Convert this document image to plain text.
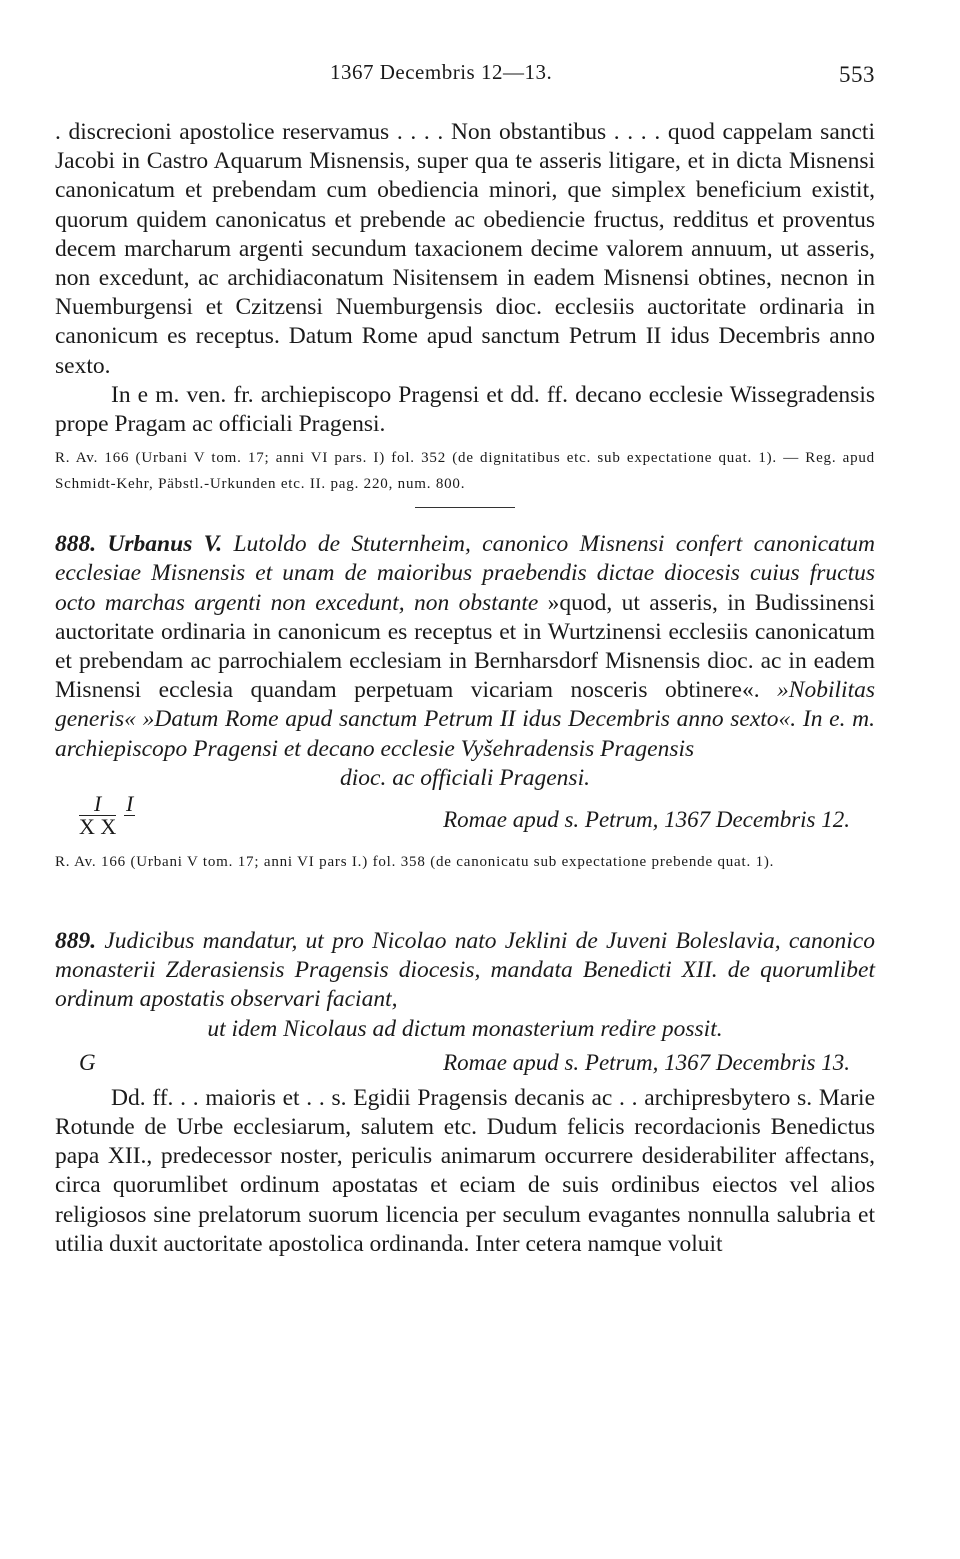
1367 Decembris 12—13.	553

. discrecioni apostolice reservamus . . . . Non obstantibus . . . . quod cappelam sancti Jacobi in Castro Aquarum Misnensis, super qua te asseris litigare, et in dicta Misnensi canonicatum et prebendam cum obediencia minori, que simplex beneficium existit, quorum quidem canonicatus et prebende ac obediencie fructus, redditus et proventus decem marcharum argenti secundum taxacionem decime valorem annuum, ut asseris, non excedunt, ac archidiaconatum Nisitensem in eadem Misnensi obtines, necnon in Nuemburgensi et Czitzensi Nuemburgensis dioc. ecclesiis auctoritate ordinaria in canonicum es receptus. Datum Rome apud sanctum Petrum II idus Decembris anno sexto.

In e m. ven. fr. archiepiscopo Pragensi et dd. ff. decano ecclesie Wissegradensis prope Pragam ac officiali Pragensi.

R. Av. 166 (Urbani V tom. 17; anni VI pars. I) fol. 352 (de dignitatibus etc. sub expectatione quat. 1). — Reg. apud Schmidt-Kehr, Päbstl.-Urkunden etc. II. pag. 220, num. 800.

888. Urbanus V. Lutoldo de Stuternheim, canonico Misnensi confert canonicatum ecclesiae Misnensis et unam de maioribus praebendis dictae diocesis cuius fructus octo marchas argenti non excedunt, non obstante »quod, ut asseris, in Budissinensi auctoritate ordinaria in canonicum es receptus et in Wurtzinensi ecclesiis canonicatum et prebendam ac parrochialem ecclesiam in Bernharsdorf Misnensis dioc. ac in eadem Misnensi ecclesia quandam perpetuam vicariam nosceris obtinere«. »Nobilitas generis« »Datum Rome apud sanctum Petrum II idus Decembris anno sexto«. In e. m. archiepiscopo Pragensi et decano ecclesie Vyšehradensis Pragensis

dioc. ac officiali Pragensi.

$\frac{I}{\text{X X}}$
I

Romae apud s. Petrum, 1367 Decembris 12.

R. Av. 166 (Urbani V tom. 17; anni VI pars I.) fol. 358 (de canonicatu sub expectatione prebende quat. 1).

889. Judicibus mandatur, ut pro Nicolao nato Jeklini de Juveni Boleslavia, canonico monasterii Zderasiensis Pragensis diocesis, mandata Benedicti XII. de quorumlibet ordinum apostatis observari faciant,

ut idem Nicolaus ad dictum monasterium redire possit.

G	Romae apud s. Petrum, 1367 Decembris 13.

Dd. ff. . . maioris et . . s. Egidii Pragensis decanis ac . . archipresbytero s. Marie Rotunde de Urbe ecclesiarum, salutem etc. Dudum felicis recordacionis Benedictus papa XII., predecessor noster, periculis animarum occurrere desiderabiliter affectans, circa quorumlibet ordinum apostatas et eciam de suis ordinibus eiectos vel alios religiosos sine prelatorum suorum licencia per seculum evagantes nonnulla salubria et utilia duxit auctoritate apostolica ordinanda. Inter cetera namque voluit
